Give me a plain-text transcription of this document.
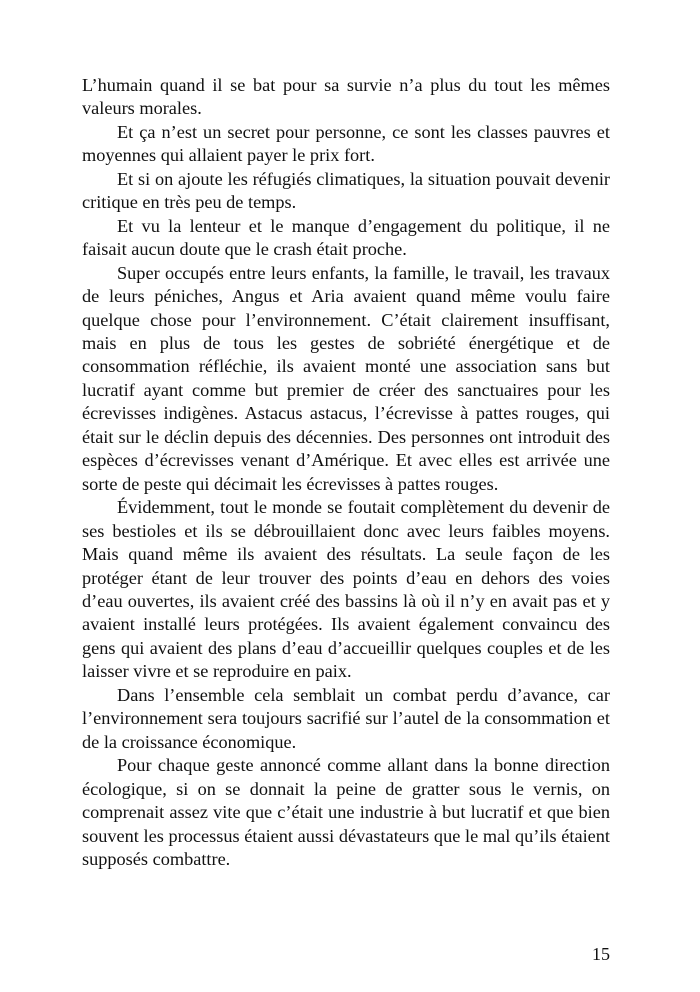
L’humain quand il se bat pour sa survie n’a plus du tout les mêmes valeurs morales.

Et ça n’est un secret pour personne, ce sont les classes pauvres et moyennes qui allaient payer le prix fort.

Et si on ajoute les réfugiés climatiques, la situation pouvait devenir critique en très peu de temps.

Et vu la lenteur et le manque d’engagement du politique, il ne faisait aucun doute que le crash était proche.

Super occupés entre leurs enfants, la famille, le travail, les travaux de leurs péniches, Angus et Aria avaient quand même voulu faire quelque chose pour l’environnement. C’était clairement insuffisant, mais en plus de tous les gestes de sobriété énergétique et de consommation réfléchie, ils avaient monté une association sans but lucratif ayant comme but premier de créer des sanctuaires pour les écrevisses indigènes. Astacus astacus, l’écrevisse à pattes rouges, qui était sur le déclin depuis des décennies. Des personnes ont introduit des espèces d’écrevisses venant d’Amérique. Et avec elles est arrivée une sorte de peste qui décimait les écrevisses à pattes rouges.

Évidemment, tout le monde se foutait complètement du devenir de ses bestioles et ils se débrouillaient donc avec leurs faibles moyens. Mais quand même ils avaient des résultats. La seule façon de les protéger étant de leur trouver des points d’eau en dehors des voies d’eau ouvertes, ils avaient créé des bassins là où il n’y en avait pas et y avaient installé leurs protégées. Ils avaient également convaincu des gens qui avaient des plans d’eau d’accueillir quelques couples et de les laisser vivre et se reproduire en paix.

Dans l’ensemble cela semblait un combat perdu d’avance, car l’environnement sera toujours sacrifié sur l’autel de la consommation et de la croissance économique.

Pour chaque geste annoncé comme allant dans la bonne direction écologique, si on se donnait la peine de gratter sous le vernis, on comprenait assez vite que c’était une industrie à but lucratif et que bien souvent les processus étaient aussi dévastateurs que le mal qu’ils étaient supposés combattre.

15
